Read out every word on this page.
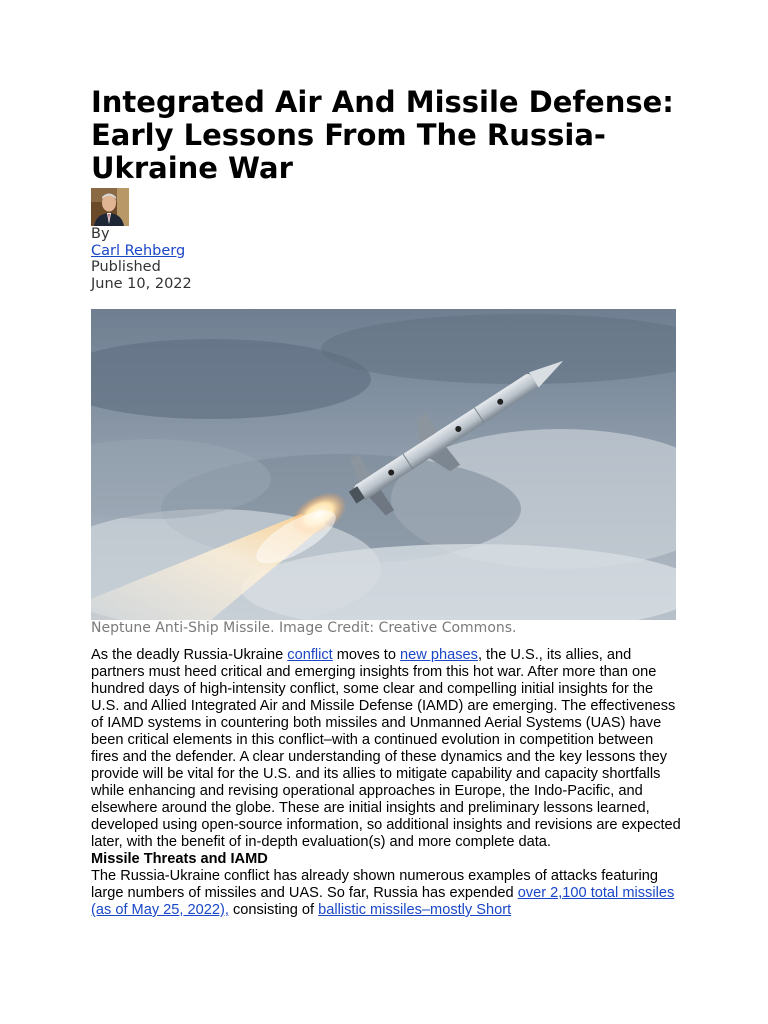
Integrated Air And Missile Defense: Early Lessons From The Russia-Ukraine War
By
Carl Rehberg
Published
June 10, 2022
Neptune Anti-Ship Missile. Image Credit: Creative Commons.

As the deadly Russia-Ukraine conflict moves to new phases, the U.S., its allies, and partners must heed critical and emerging insights from this hot war. After more than one hundred days of high-intensity conflict, some clear and compelling initial insights for the U.S. and Allied Integrated Air and Missile Defense (IAMD) are emerging. The effectiveness of IAMD systems in countering both missiles and Unmanned Aerial Systems (UAS) have been critical elements in this conflict–with a continued evolution in competition between fires and the defender. A clear understanding of these dynamics and the key lessons they provide will be vital for the U.S. and its allies to mitigate capability and capacity shortfalls while enhancing and revising operational approaches in Europe, the Indo-Pacific, and elsewhere around the globe. These are initial insights and preliminary lessons learned, developed using open-source information, so additional insights and revisions are expected later, with the benefit of in-depth evaluation(s) and more complete data.

Missile Threats and IAMD

The Russia-Ukraine conflict has already shown numerous examples of attacks featuring large numbers of missiles and UAS. So far, Russia has expended over 2,100 total missiles (as of May 25, 2022), consisting of ballistic missiles–mostly Short
